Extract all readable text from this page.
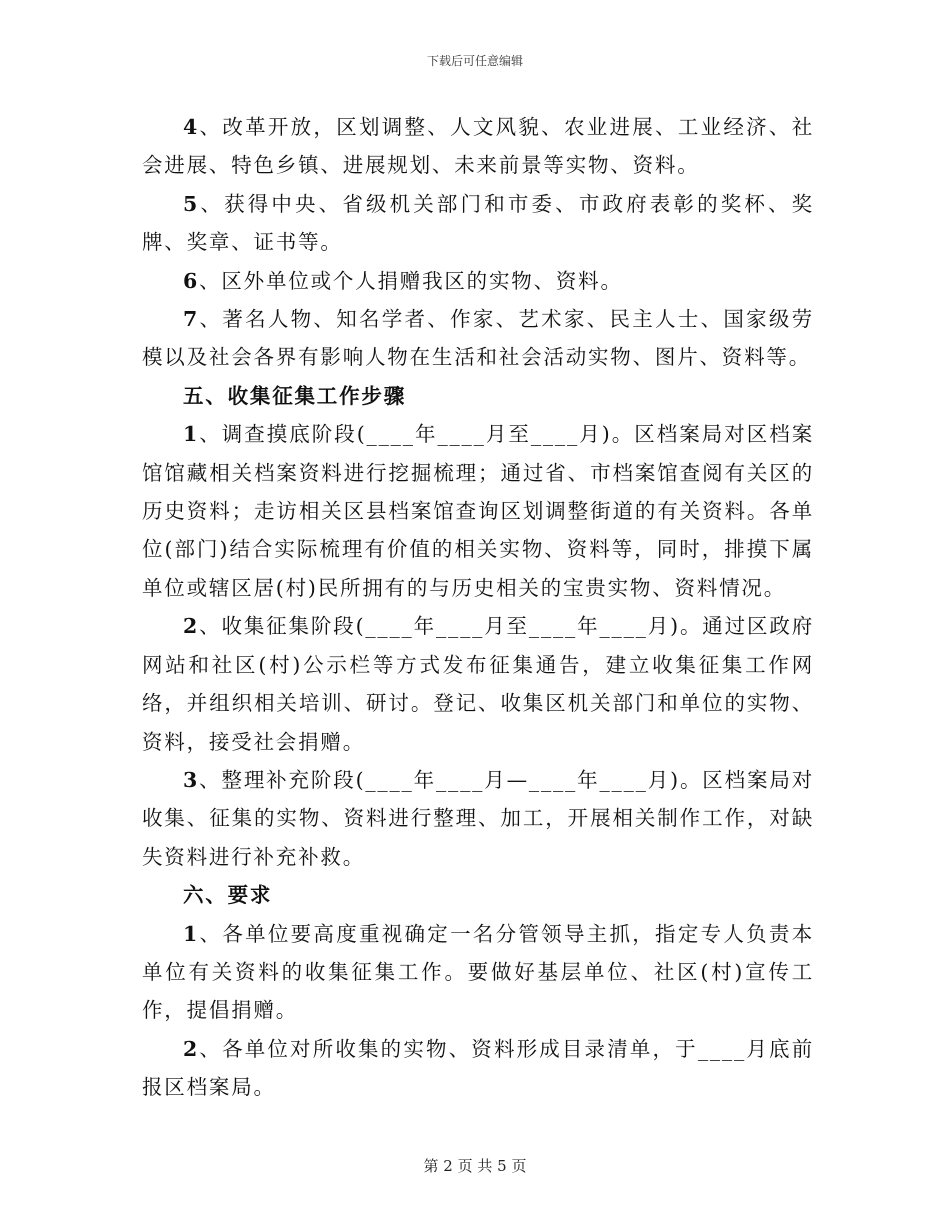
下载后可任意编辑

4、改革开放，区划调整、人文风貌、农业进展、工业经济、社会进展、特色乡镇、进展规划、未来前景等实物、资料。

5、获得中央、省级机关部门和市委、市政府表彰的奖杯、奖牌、奖章、证书等。

6、区外单位或个人捐赠我区的实物、资料。

7、著名人物、知名学者、作家、艺术家、民主人士、国家级劳模以及社会各界有影响人物在生活和社会活动实物、图片、资料等。

五、收集征集工作步骤

1、调查摸底阶段(____年____月至____月)。区档案局对区档案馆馆藏相关档案资料进行挖掘梳理；通过省、市档案馆查阅有关区的历史资料；走访相关区县档案馆查询区划调整街道的有关资料。各单位(部门)结合实际梳理有价值的相关实物、资料等，同时，排摸下属单位或辖区居(村)民所拥有的与历史相关的宝贵实物、资料情况。

2、收集征集阶段(____年____月至____年____月)。通过区政府网站和社区(村)公示栏等方式发布征集通告，建立收集征集工作网络，并组织相关培训、研讨。登记、收集区机关部门和单位的实物、资料，接受社会捐赠。

3、整理补充阶段(____年____月—____年____月)。区档案局对收集、征集的实物、资料进行整理、加工，开展相关制作工作，对缺失资料进行补充补救。

六、要求

1、各单位要高度重视确定一名分管领导主抓，指定专人负责本单位有关资料的收集征集工作。要做好基层单位、社区(村)宣传工作，提倡捐赠。

2、各单位对所收集的实物、资料形成目录清单，于____月底前报区档案局。

第 2 页 共 5 页
